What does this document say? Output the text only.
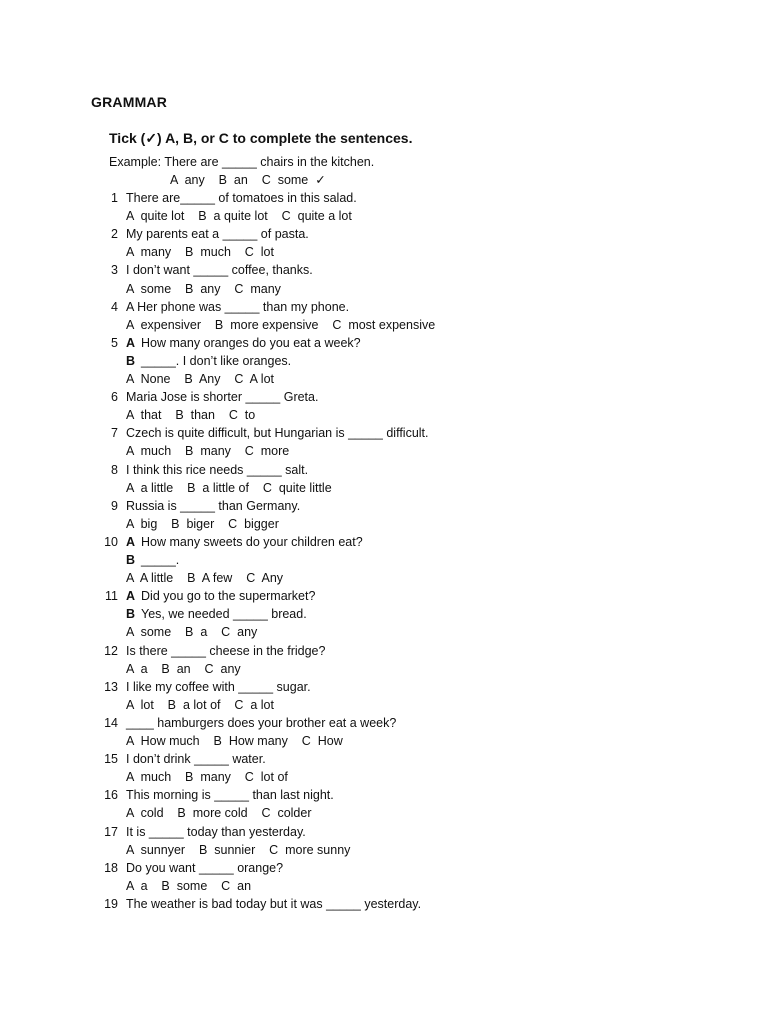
GRAMMAR
Tick (✓) A, B, or C to complete the sentences.
Example: There are _____ chairs in the kitchen.
A  any    B  an    C  some  ✓
1 There are_____ of tomatoes in this salad.
A  quite lot    B  a quite lot    C  quite a lot
2 My parents eat a _____ of pasta.
A  many    B  much    C  lot
3 I don’t want _____ coffee, thanks.
A  some    B  any    C  many
4 A Her phone was _____ than my phone.
A  expensiver    B  more expensive    C  most expensive
5 A How many oranges do you eat a week?
B _____. I don’t like oranges.
A  None    B  Any    C  A lot
6 Maria Jose is shorter _____ Greta.
A  that    B  than    C  to
7 Czech is quite difficult, but Hungarian is _____ difficult.
A  much    B  many    C  more
8 I think this rice needs _____ salt.
A  a little    B  a little of    C  quite little
9 Russia is _____ than Germany.
A  big    B  biger    C  bigger
10 A How many sweets do your children eat?
B _____.
A  A little    B  A few    C  Any
11 A Did you go to the supermarket?
B Yes, we needed _____ bread.
A  some    B  a    C  any
12 Is there _____ cheese in the fridge?
A  a    B  an    C  any
13 I like my coffee with _____ sugar.
A  lot    B  a lot of    C  a lot
14 ____ hamburgers does your brother eat a week?
A  How much    B  How many    C  How
15 I don’t drink _____ water.
A  much    B  many    C  lot of
16 This morning is _____ than last night.
A  cold    B  more cold    C  colder
17 It is _____ today than yesterday.
A  sunnyer    B  sunnier    C  more sunny
18 Do you want _____ orange?
A  a    B  some    C  an
19 The weather is bad today but it was _____ yesterday.
